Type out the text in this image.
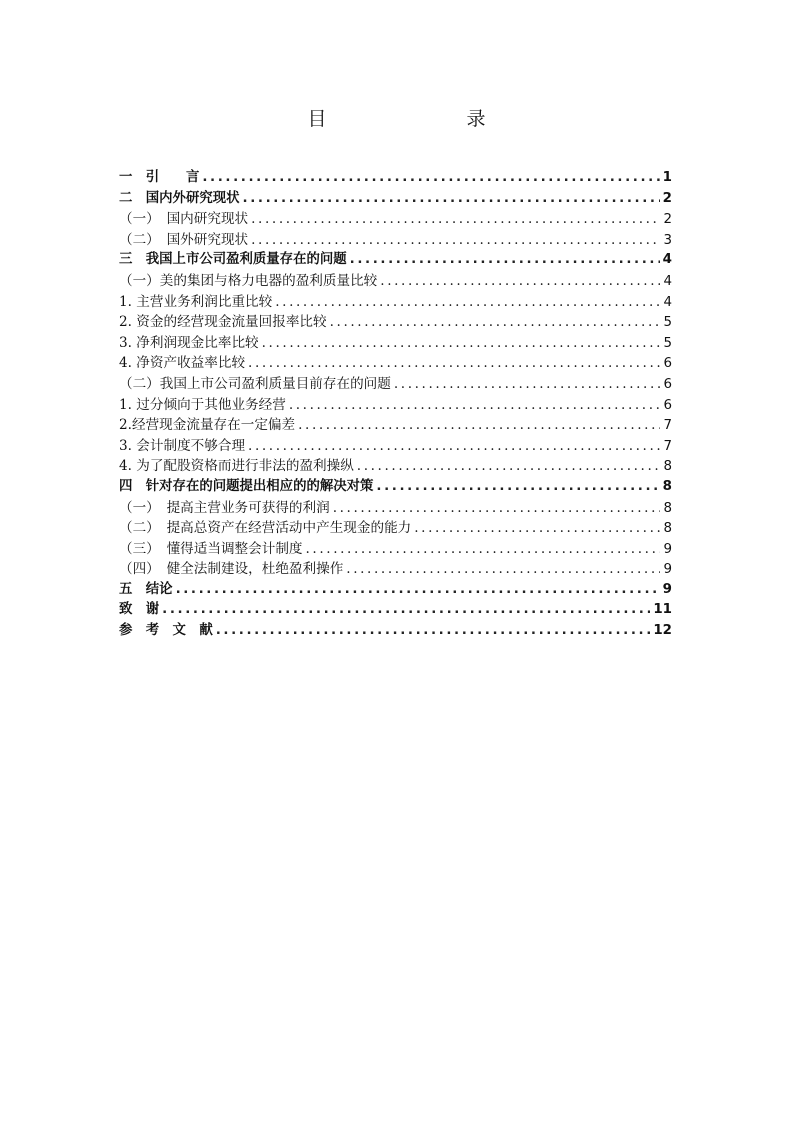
目　　录
一　引　　言 .....	1
二　国内外研究现状 .....	2
（一）　国内研究现状 .....	2
（二）　国外研究现状 .....	3
三　我国上市公司盈利质量存在的问题 .....	4
（一）美的集团与格力电器的盈利质量比较 .....	4
1. 主营业务利润比重比较 .....	4
2. 资金的经营现金流量回报率比较 .....	5
3. 净利润现金比率比较 .....	5
4. 净资产收益率比较 .....	6
（二）我国上市公司盈利质量目前存在的问题 .....	6
1. 过分倾向于其他业务经营 .....	6
2.经营现金流量存在一定偏差 .....	7
3. 会计制度不够合理 .....	7
4. 为了配股资格而进行非法的盈利操纵 .....	8
四　针对存在的问题提出相应的的解决对策 .....	8
（一）　提高主营业务可获得的利润 .....	8
（二）　提高总资产在经营活动中产生现金的能力 .....	8
（三）　懂得适当调整会计制度 .....	9
（四）　健全法制建设，杜绝盈利操作 .....	9
五　结论 .....	9
致　谢 .....	11
参　考　文　献 .....	12
